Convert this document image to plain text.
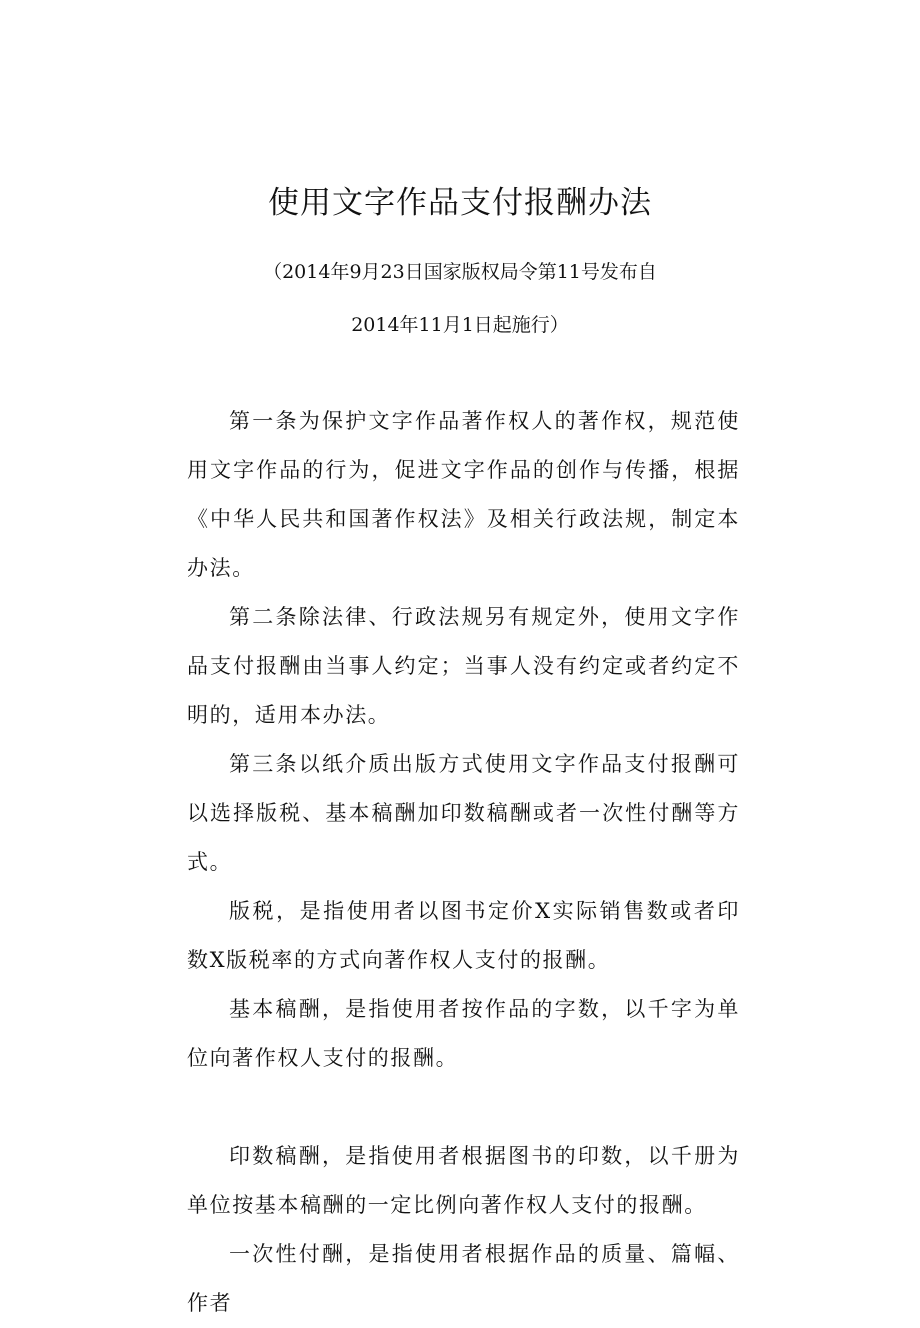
使用文字作品支付报酬办法

（2014年9月23日国家版权局令第11号发布自

2014年11月1日起施行）

第一条为保护文字作品著作权人的著作权，规范使用文字作品的行为，促进文字作品的创作与传播，根据《中华人民共和国著作权法》及相关行政法规，制定本办法。

第二条除法律、行政法规另有规定外，使用文字作品支付报酬由当事人约定；当事人没有约定或者约定不明的，适用本办法。

第三条以纸介质出版方式使用文字作品支付报酬可以选择版税、基本稿酬加印数稿酬或者一次性付酬等方式。

版税，是指使用者以图书定价X实际销售数或者印数X版税率的方式向著作权人支付的报酬。

基本稿酬，是指使用者按作品的字数，以千字为单位向著作权人支付的报酬。

印数稿酬，是指使用者根据图书的印数，以千册为单位按基本稿酬的一定比例向著作权人支付的报酬。

一次性付酬，是指使用者根据作品的质量、篇幅、作者
